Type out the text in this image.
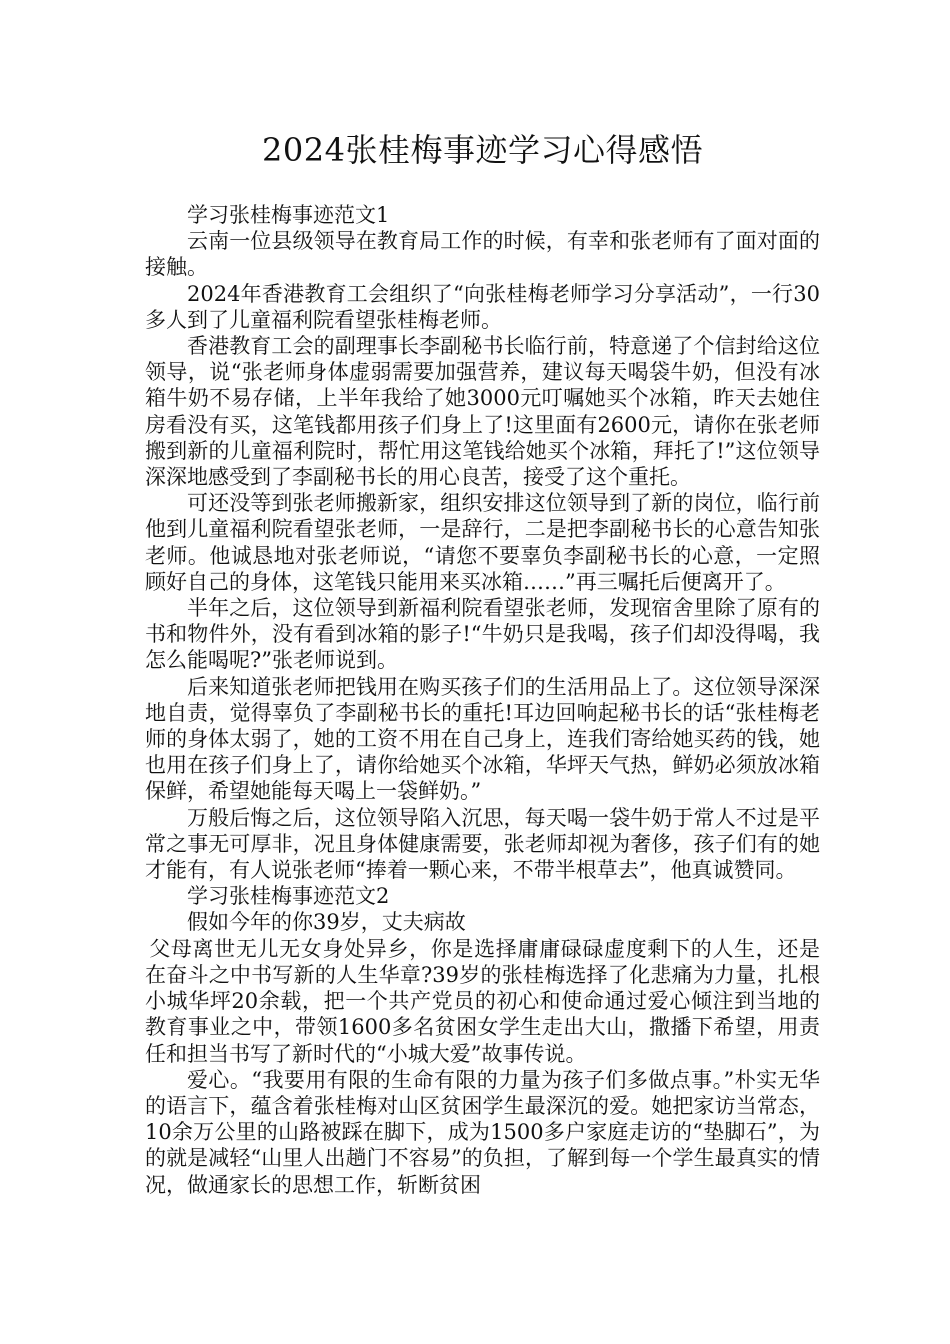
2024张桂梅事迹学习心得感悟

学习张桂梅事迹范文1

云南一位县级领导在教育局工作的时候，有幸和张老师有了面对面的接触。

2024年香港教育工会组织了“向张桂梅老师学习分享活动”，一行30多人到了儿童福利院看望张桂梅老师。

香港教育工会的副理事长李副秘书长临行前，特意递了个信封给这位领导，说“张老师身体虚弱需要加强营养，建议每天喝袋牛奶，但没有冰箱牛奶不易存储，上半年我给了她3000元叮嘱她买个冰箱，昨天去她住房看没有买，这笔钱都用孩子们身上了!这里面有2600元，请你在张老师搬到新的儿童福利院时，帮忙用这笔钱给她买个冰箱，拜托了!”这位领导深深地感受到了李副秘书长的用心良苦，接受了这个重托。

可还没等到张老师搬新家，组织安排这位领导到了新的岗位，临行前他到儿童福利院看望张老师，一是辞行，二是把李副秘书长的心意告知张老师。他诚恳地对张老师说，“请您不要辜负李副秘书长的心意，一定照顾好自己的身体，这笔钱只能用来买冰箱……”再三嘱托后便离开了。

半年之后，这位领导到新福利院看望张老师，发现宿舍里除了原有的书和物件外，没有看到冰箱的影子!“牛奶只是我喝，孩子们却没得喝，我怎么能喝呢?”张老师说到。

后来知道张老师把钱用在购买孩子们的生活用品上了。这位领导深深地自责，觉得辜负了李副秘书长的重托!耳边回响起秘书长的话“张桂梅老师的身体太弱了，她的工资不用在自己身上，连我们寄给她买药的钱，她也用在孩子们身上了，请你给她买个冰箱，华坪天气热，鲜奶必须放冰箱保鲜，希望她能每天喝上一袋鲜奶。”

万般后悔之后，这位领导陷入沉思，每天喝一袋牛奶于常人不过是平常之事无可厚非，况且身体健康需要，张老师却视为奢侈，孩子们有的她才能有，有人说张老师“捧着一颗心来，不带半根草去”，他真诚赞同。

学习张桂梅事迹范文2

假如今年的你39岁，丈夫病故

父母离世无儿无女身处异乡，你是选择庸庸碌碌虚度剩下的人生，还是在奋斗之中书写新的人生华章?39岁的张桂梅选择了化悲痛为力量，扎根小城华坪20余载，把一个共产党员的初心和使命通过爱心倾注到当地的教育事业之中，带领1600多名贫困女学生走出大山，撒播下希望，用责任和担当书写了新时代的“小城大爱”故事传说。

爱心。“我要用有限的生命有限的力量为孩子们多做点事。”朴实无华的语言下，蕴含着张桂梅对山区贫困学生最深沉的爱。她把家访当常态，10余万公里的山路被踩在脚下，成为1500多户家庭走访的“垫脚石”，为的就是减轻“山里人出趟门不容易”的负担，了解到每一个学生最真实的情况，做通家长的思想工作，斩断贫困
